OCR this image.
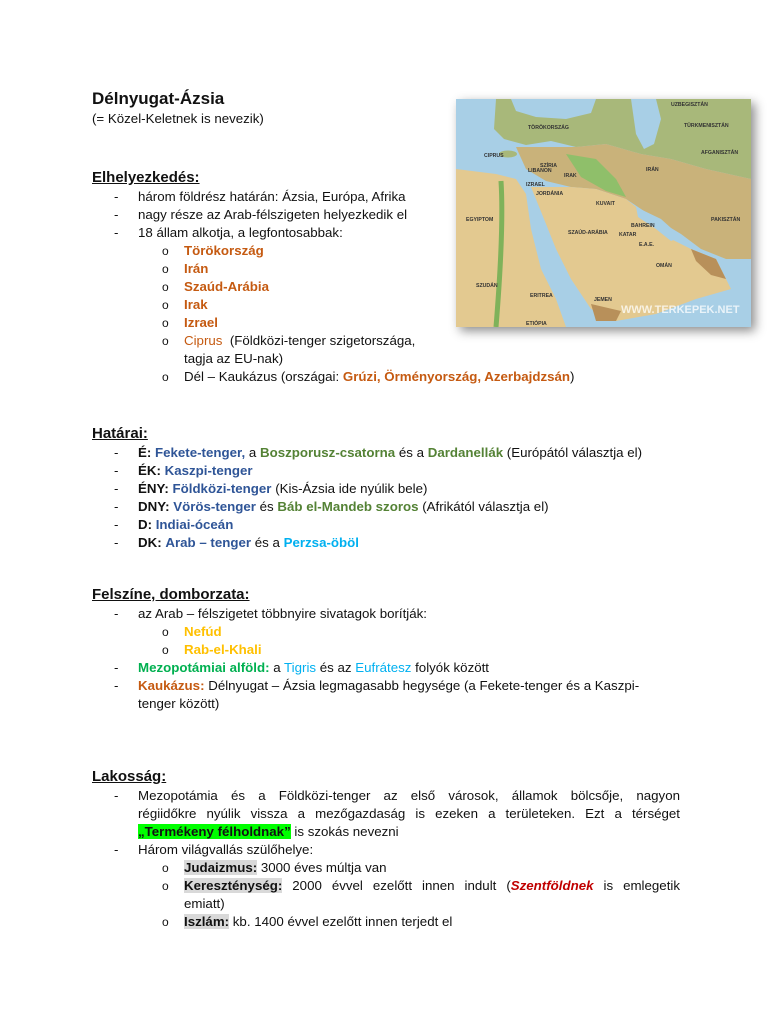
Délnyugat-Ázsia

(= Közel-Keletnek is nevezik)

UZBEGISZTÁN
TÖRÖKORSZÁG	TÜRKMENISZTÁN
CIPRUS
SZÍRIA
LIBANON
IZRAEL
IRAK
IRÁN
AFGANISZTÁN
JORDÁNIA
KUVAIT
EGYIPTOM
SZAÚD-ARÁBIA
BAHREIN
KATAR
E.A.E.
PAKISZTÁN
OMÁN
SZUDÁN
ERITREA
JEMEN
ETIÓPIA
WWW.TERKEPEK.NET

Elhelyezkedés:

- három földrész határán: Ázsia, Európa, Afrika
- nagy része az Arab-félszigeten helyezkedik el
- 18 állam alkotja, a legfontosabbak:
o Törökország
o Irán
o Szaúd-Arábia
o Irak
o Izrael
o Ciprus (Földközi-tenger szigetországa,
tagja az EU-nak)
o Dél – Kaukázus (országai: Grúzi, Örményország, Azerbajdzsán)

Határai:

- É: Fekete-tenger, a Boszporusz-csatorna és a Dardanellák (Európától választja el)
- ÉK: Kaszpi-tenger
- ÉNY: Földközi-tenger (Kis-Ázsia ide nyúlik bele)
- DNY: Vörös-tenger és Báb el-Mandeb szoros (Afrikától választja el)
- D: Indiai-óceán
- DK: Arab – tenger és a Perzsa-öböl

Felszíne, domborzata:

- az Arab – félszigetet többnyire sivatagok borítják:
o Nefúd
o Rab-el-Khali
- Mezopotámiai alföld: a Tigris és az Eufrátesz folyók között
- Kaukázus: Délnyugat – Ázsia legmagasabb hegysége (a Fekete-tenger és a Kaszpi-
tenger között)

Lakosság:

- Mezopotámia és a Földközi-tenger az első városok, államok bölcsője, nagyon
régiidőkre nyúlik vissza a mezőgazdaság is ezeken a területeken. Ezt a térséget
„Termékeny félholdnak” is szokás nevezni
- Három világvallás szülőhelye:
o Judaizmus: 3000 éves múltja van
o Kereszténység: 2000 évvel ezelőtt innen indult (Szentföldnek is emlegetik
emiatt)
o Iszlám: kb. 1400 évvel ezelőtt innen terjedt el
